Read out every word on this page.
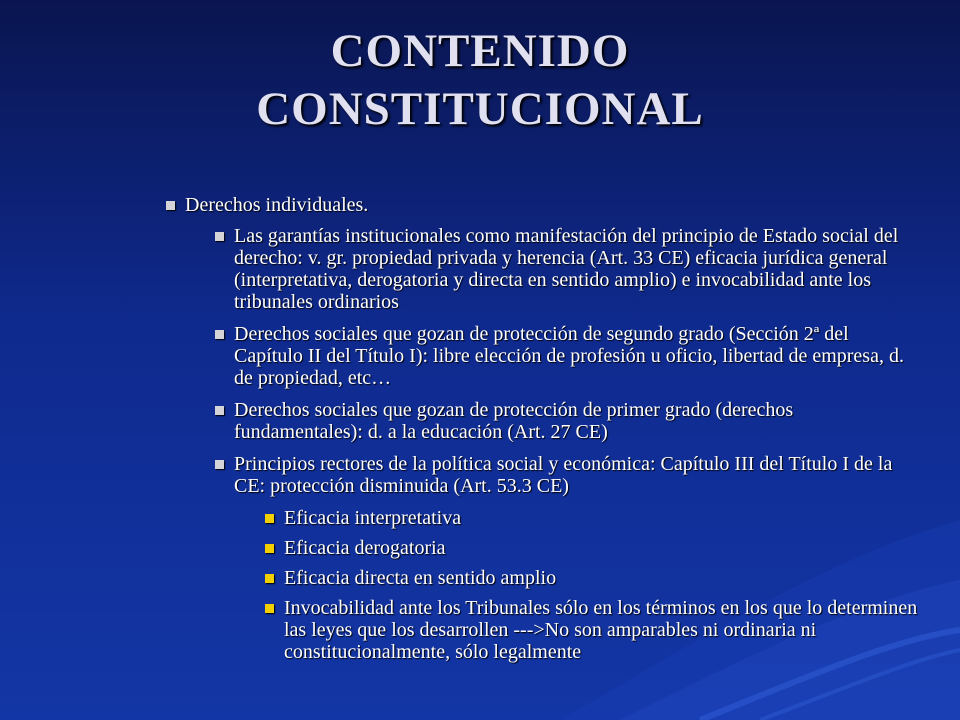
CONTENIDO
CONSTITUCIONAL
Derechos individuales.
Las garantías institucionales como manifestación del principio de Estado social del derecho: v. gr. propiedad privada y herencia (Art. 33 CE) eficacia jurídica general (interpretativa, derogatoria y directa en sentido amplio) e invocabilidad ante los tribunales ordinarios
Derechos sociales que gozan de protección de segundo grado (Sección 2ª del Capítulo II del Título I): libre elección de profesión u oficio, libertad de empresa, d. de propiedad, etc…
Derechos sociales que gozan de protección de primer grado (derechos fundamentales): d. a la educación (Art. 27 CE)
Principios rectores de la política social y económica: Capítulo III del Título I de la CE: protección disminuida (Art. 53.3 CE)
Eficacia interpretativa
Eficacia derogatoria
Eficacia directa en sentido amplio
Invocabilidad ante los Tribunales sólo en los términos en los que lo determinen las leyes que los desarrollen --->No son amparables ni ordinaria ni constitucionalmente, sólo legalmente
